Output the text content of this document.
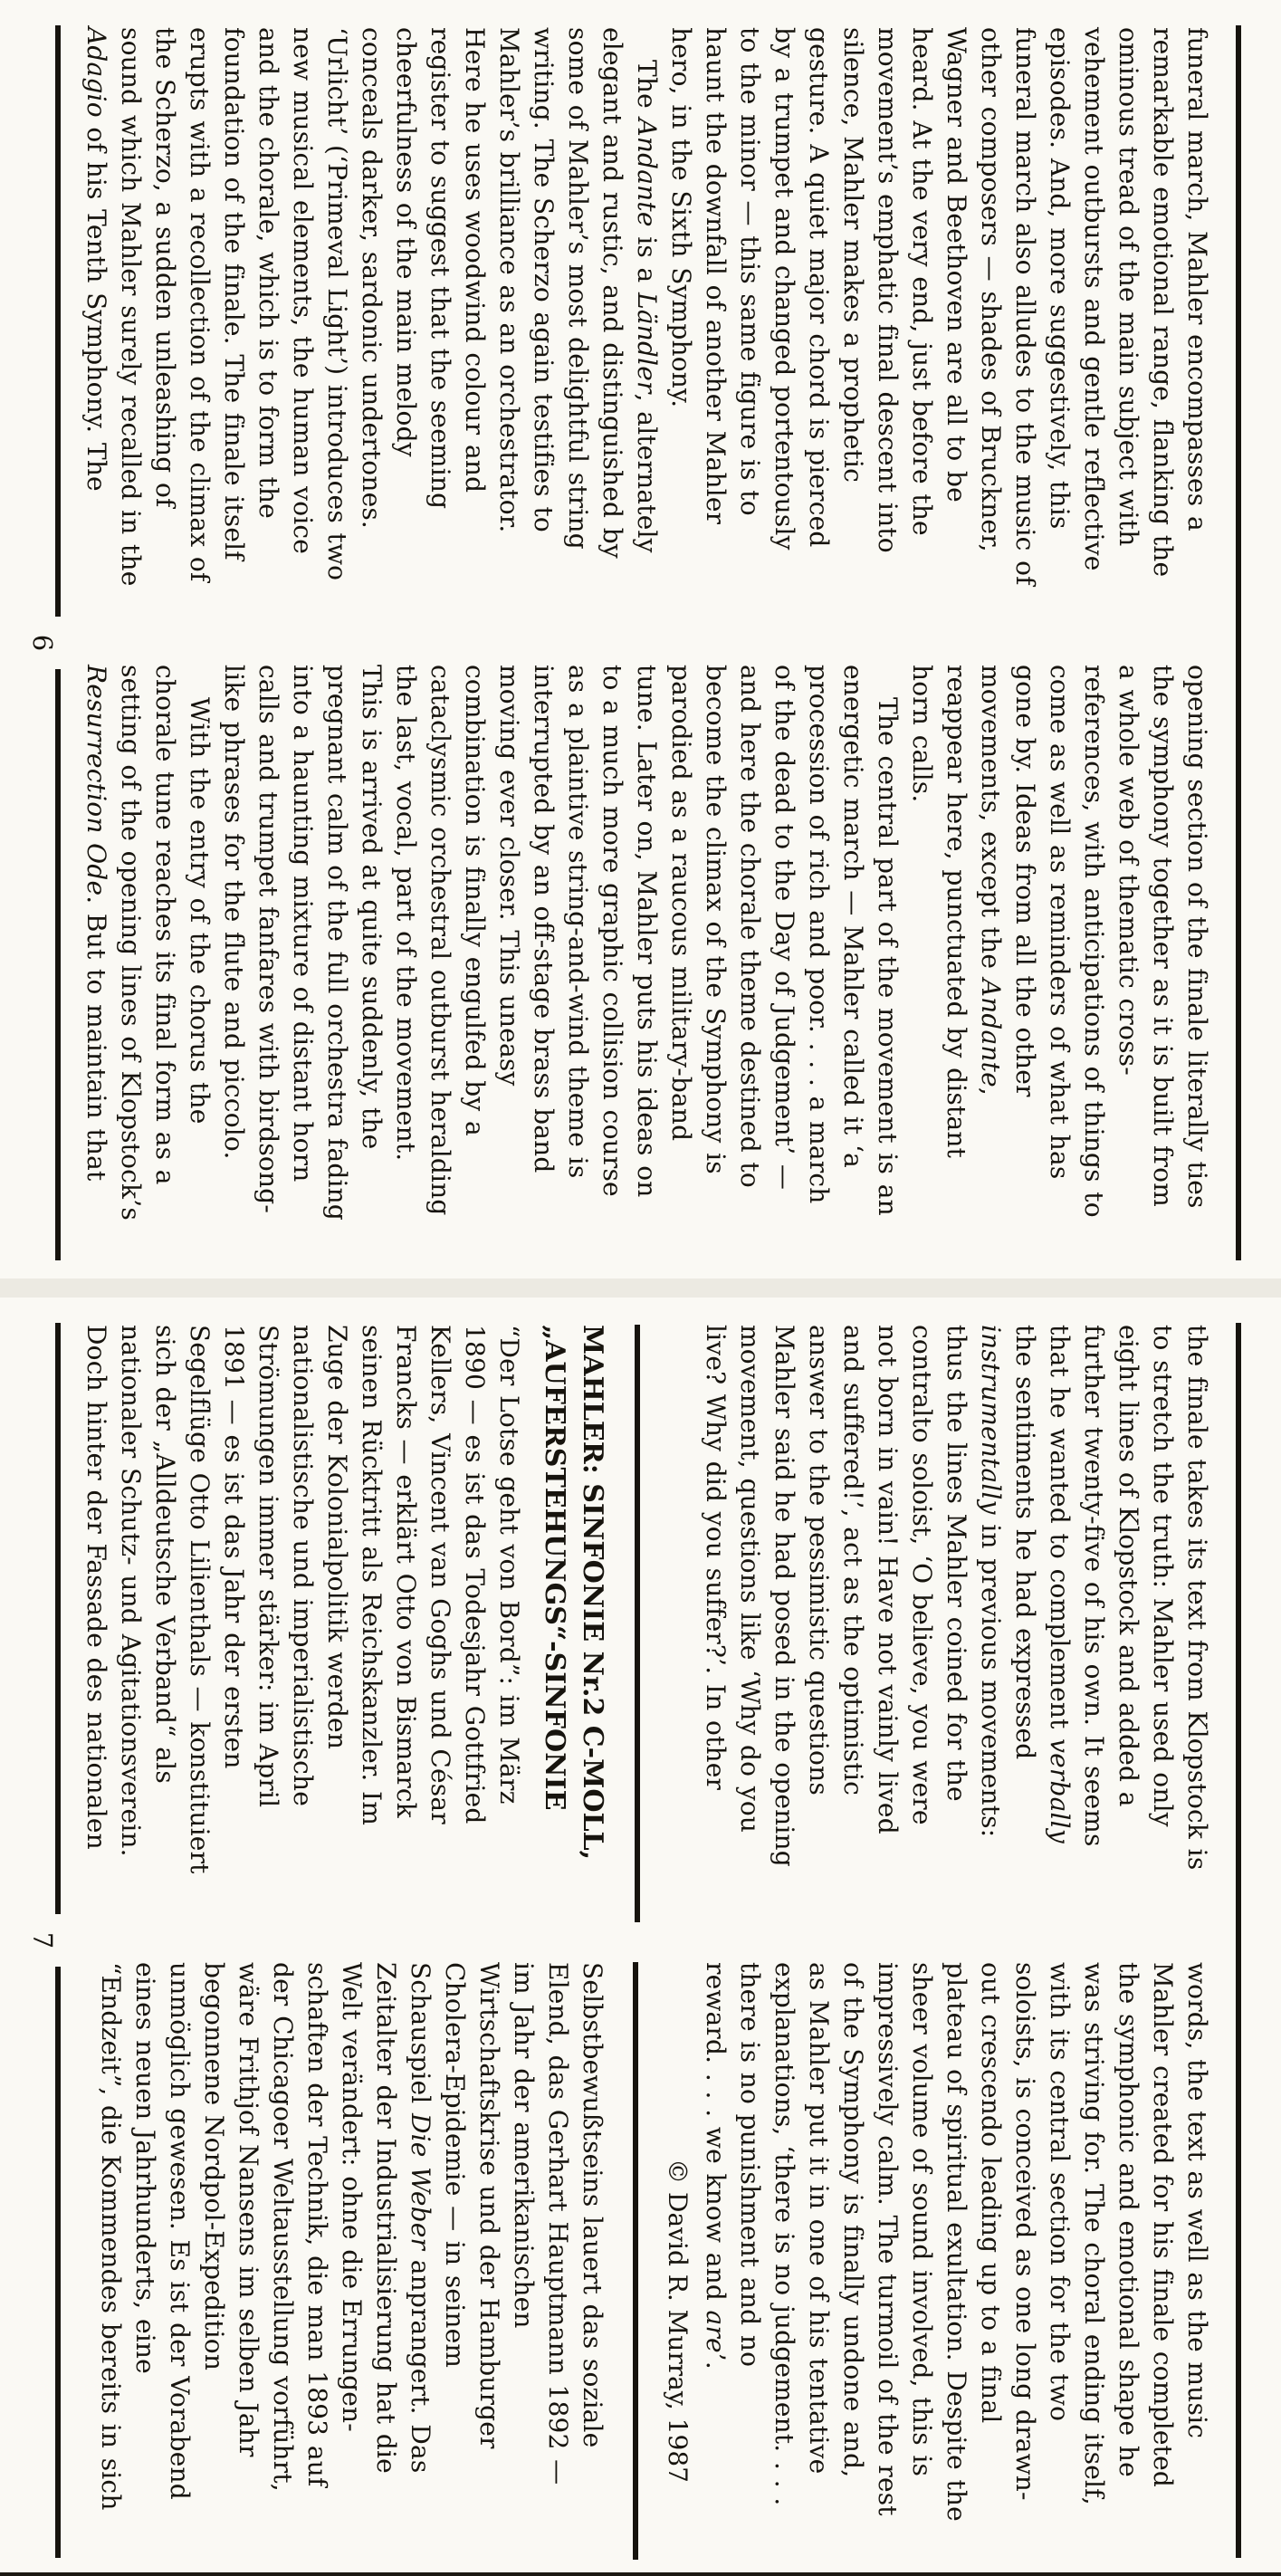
funeral march, Mahler encompasses a
remarkable emotional range, flanking the
ominous tread of the main subject with
vehement outbursts and gentle reflective
episodes. And, more suggestively, this
funeral march also alludes to the music of
other composers — shades of Bruckner,
Wagner and Beethoven are all to be
heard. At the very end, just before the
movement’s emphatic final descent into
silence, Mahler makes a prophetic
gesture. A quiet major chord is pierced
by a trumpet and changed portentously
to the minor — this same figure is to
haunt the downfall of another Mahler
hero, in the Sixth Symphony.
The Andante is a Ländler, alternately
elegant and rustic, and distinguished by
some of Mahler’s most delightful string
writing. The Scherzo again testifies to
Mahler’s brilliance as an orchestrator.
Here he uses woodwind colour and
register to suggest that the seeming
cheerfulness of the main melody
conceals darker, sardonic undertones.
‘Urlicht’ (‘Primeval Light’) introduces two
new musical elements, the human voice
and the chorale, which is to form the
foundation of the finale. The finale itself
erupts with a recollection of the climax of
the Scherzo, a sudden unleashing of
sound which Mahler surely recalled in the
Adagio of his Tenth Symphony. The
opening section of the finale literally ties
the symphony together as it is built from
a whole web of thematic cross-
references, with anticipations of things to
come as well as reminders of what has
gone by. Ideas from all the other
movements, except the Andante,
reappear here, punctuated by distant
horn calls.
The central part of the movement is an
energetic march — Mahler called it ‘a
procession of rich and poor. . . . a march
of the dead to the Day of Judgement’ —
and here the chorale theme destined to
become the climax of the Symphony is
parodied as a raucous military-band
tune. Later on, Mahler puts his ideas on
to a much more graphic collision course
as a plaintive string-and-wind theme is
interrupted by an off-stage brass band
moving ever closer. This uneasy
combination is finally engulfed by a
cataclysmic orchestral outburst heralding
the last, vocal, part of the movement.
This is arrived at quite suddenly, the
pregnant calm of the full orchestra fading
into a haunting mixture of distant horn
calls and trumpet fanfares with birdsong-
like phrases for the flute and piccolo.
With the entry of the chorus the
chorale tune reaches its final form as a
setting of the opening lines of Klopstock’s
Resurrection Ode. But to maintain that
6
the finale takes its text from Klopstock is
to stretch the truth: Mahler used only
eight lines of Klopstock and added a
further twenty-five of his own. It seems
that he wanted to complement verbally
the sentiments he had expressed
instrumentally in previous movements:
thus the lines Mahler coined for the
contralto soloist, ‘O believe, you were
not born in vain! Have not vainly lived
and suffered!’, act as the optimistic
answer to the pessimistic questions
Mahler said he had posed in the opening
movement, questions like ‘Why do you
live? Why did you suffer?’. In other
MAHLER: SINFONIE Nr.2 C-MOLL,
„AUFERSTEHUNGS“-SINFONIE
“Der Lotse geht von Bord”: im März
1890 — es ist das Todesjahr Gottfried
Kellers, Vincent van Goghs und César
Francks — erklärt Otto von Bismarck
seinen Rücktritt als Reichskanzler. Im
Zuge der Kolonialpolitik werden
nationalistische und imperialistische
Strömungen immer stärker: im April
1891 — es ist das Jahr der ersten
Segelflüge Otto Lilienthals — konstituiert
sich der „Alldeutsche Verband“ als
nationaler Schutz- und Agitationsverein.
Doch hinter der Fassade des nationalen
words, the text as well as the music
Mahler created for his finale completed
the symphonic and emotional shape he
was striving for. The choral ending itself,
with its central section for the two
soloists, is conceived as one long drawn-
out crescendo leading up to a final
plateau of spiritual exultation. Despite the
sheer volume of sound involved, this is
impressively calm. The turmoil of the rest
of the Symphony is finally undone and,
as Mahler put it in one of his tentative
explanations, ‘there is no judgement. . . .
there is no punishment and no
reward. . . . we know and are’.
© David R. Murray, 1987
Selbstbewußtseins lauert das soziale
Elend, das Gerhart Hauptmann 1892 —
im Jahr der amerikanischen
Wirtschaftskrise und der Hamburger
Cholera-Epidemie — in seinem
Schauspiel Die Weber anprangert. Das
Zeitalter der Industrialisierung hat die
Welt verändert: ohne die Errungen-
schaften der Technik, die man 1893 auf
der Chicagoer Weltausstellung vorführt,
wäre Frithjof Nansens im selben Jahr
begonnene Nordpol-Expedition
unmöglich gewesen. Es ist der Vorabend
eines neuen Jahrhunderts, eine
“Endzeit”, die Kommendes bereits in sich
7
